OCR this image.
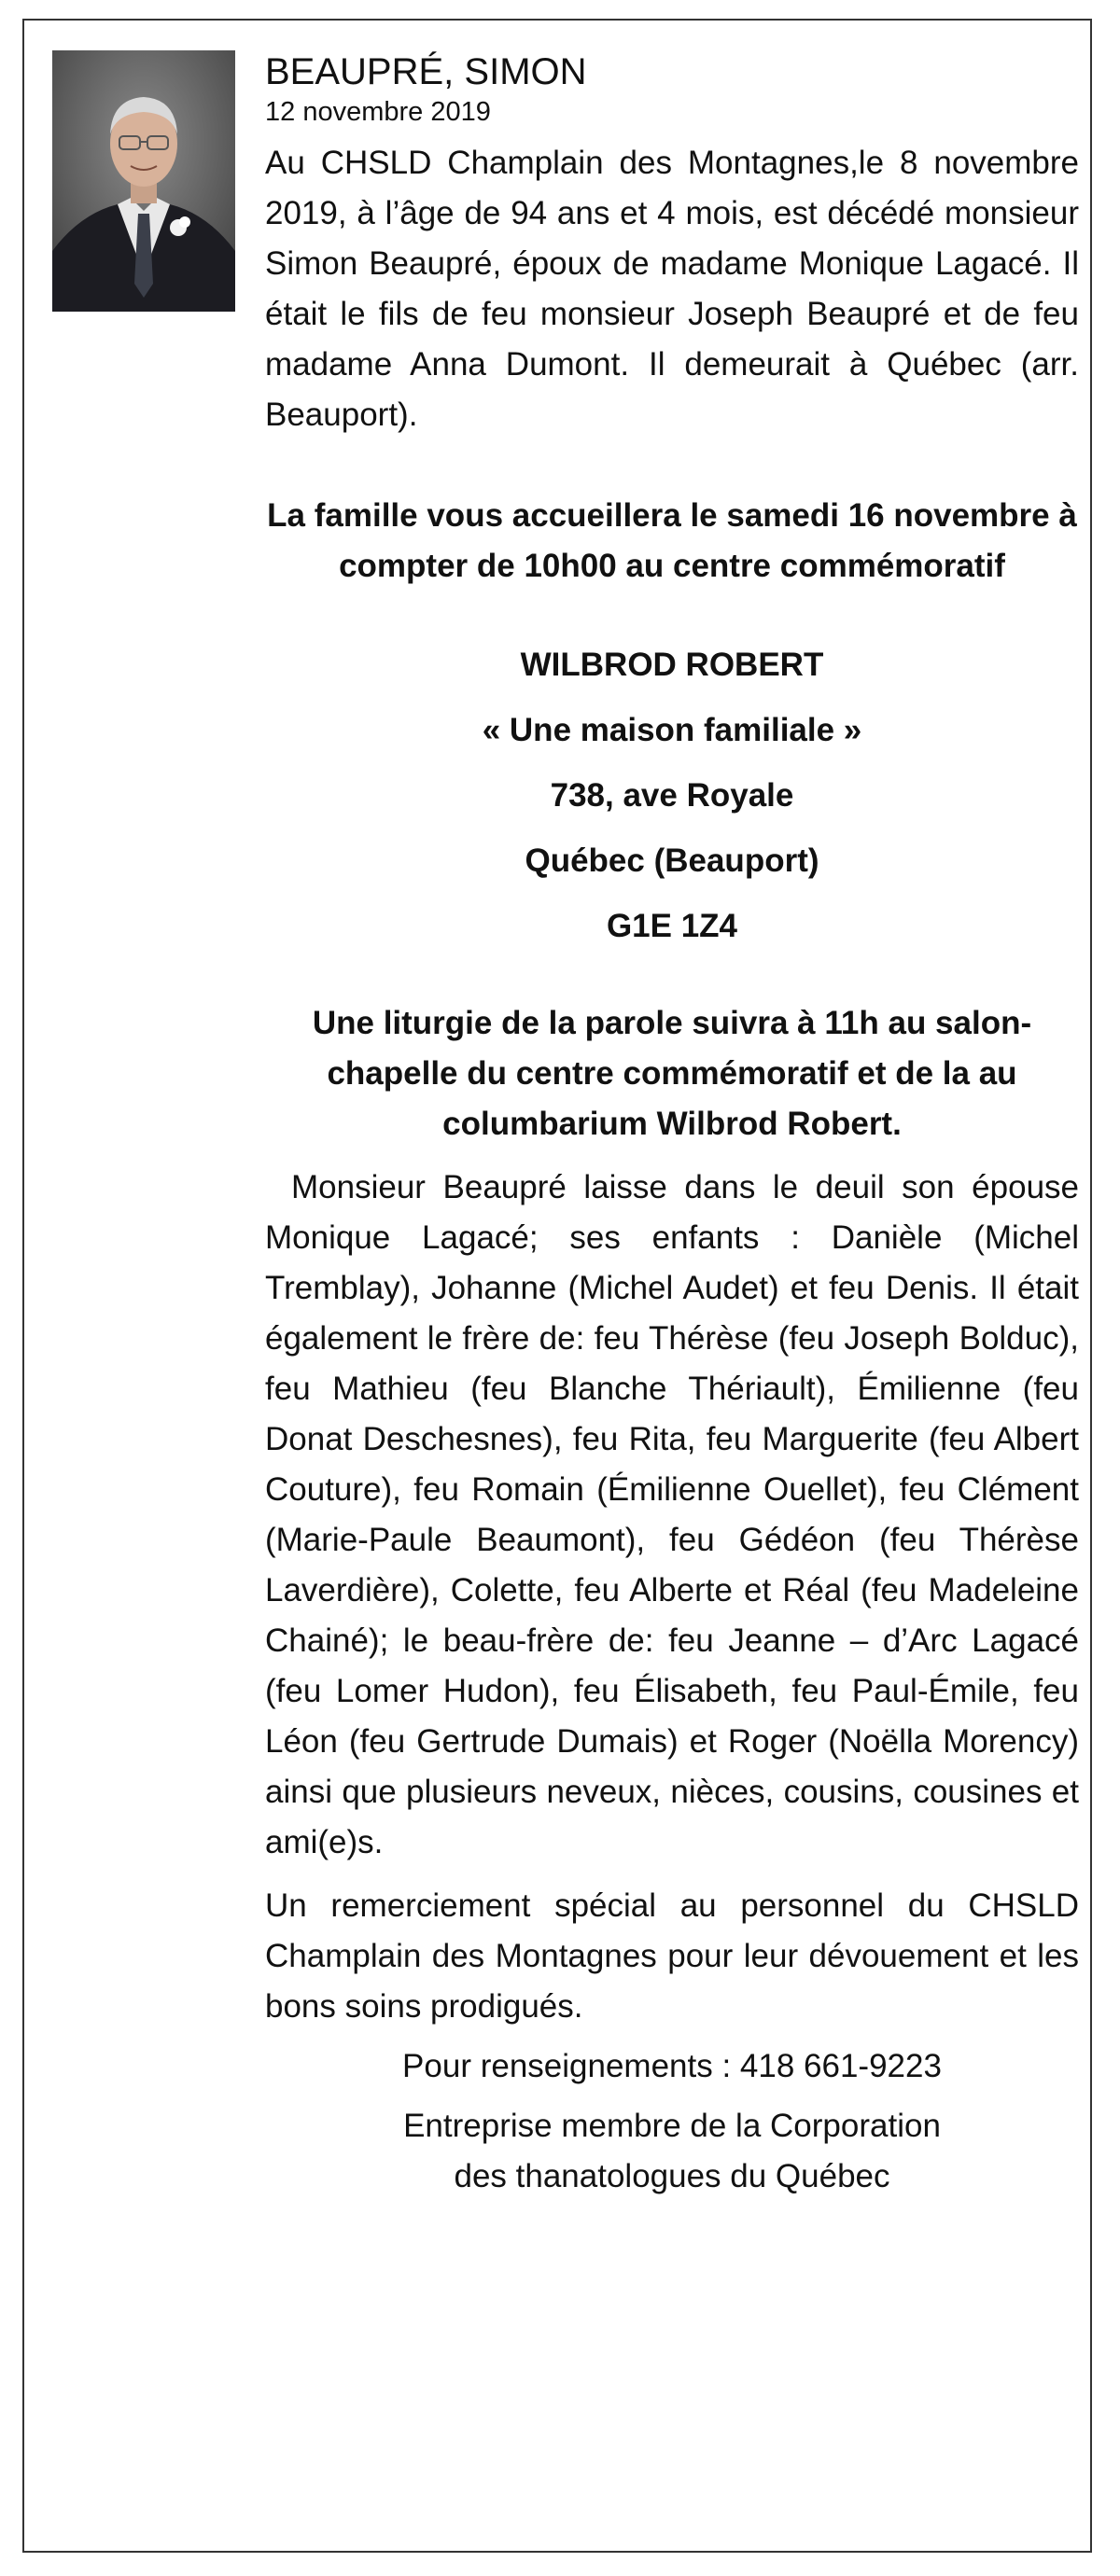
BEAUPRÉ, SIMON

12 novembre 2019

Au CHSLD Champlain des Montagnes,le 8 novembre 2019, à l’âge de 94 ans et 4 mois, est décédé monsieur Simon Beaupré, époux de madame Monique Lagacé. Il était le fils de feu monsieur Joseph Beaupré et de feu madame Anna Dumont. Il demeurait à Québec (arr. Beauport).

La famille vous accueillera le samedi 16 novembre à compter de 10h00 au centre commémoratif

WILBROD ROBERT

« Une maison familiale »

738, ave Royale

Québec (Beauport)

G1E 1Z4

Une liturgie de la parole suivra à 11h au salon-chapelle du centre commémoratif et de la au columbarium Wilbrod Robert.

Monsieur Beaupré laisse dans le deuil son épouse Monique Lagacé; ses enfants : Danièle (Michel Tremblay), Johanne (Michel Audet) et feu Denis. Il était également le frère de: feu Thérèse (feu Joseph Bolduc), feu Mathieu (feu Blanche Thériault), Émilienne (feu Donat Deschesnes), feu Rita, feu Marguerite (feu Albert Couture), feu Romain (Émilienne Ouellet), feu Clément (Marie-Paule Beaumont), feu Gédéon (feu Thérèse Laverdière), Colette, feu Alberte et Réal (feu Madeleine Chainé); le beau-frère de: feu Jeanne – d’Arc Lagacé (feu Lomer Hudon), feu Élisabeth, feu Paul-Émile, feu Léon (feu Gertrude Dumais) et Roger (Noëlla Morency) ainsi que plusieurs neveux, nièces, cousins, cousines et ami(e)s.

Un remerciement spécial au personnel du CHSLD Champlain des Montagnes pour leur dévouement et les bons soins prodigués.

Pour renseignements : 418 661-9223

Entreprise membre de la Corporation des thanatologues du Québec
